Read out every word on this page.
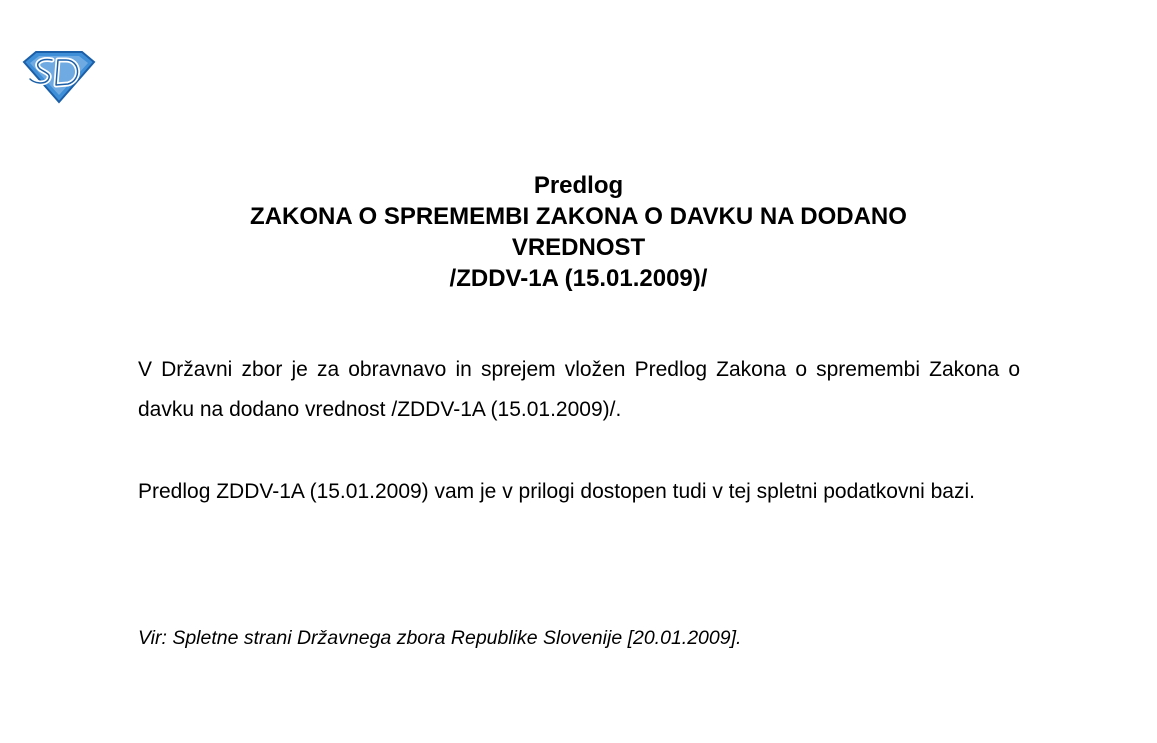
Predlog
ZAKONA O SPREMEMBI ZAKONA O DAVKU NA DODANO
VREDNOST
/ZDDV-1A (15.01.2009)/

V Državni zbor je za obravnavo in sprejem vložen Predlog Zakona o spremembi Zakona o davku na dodano vrednost /ZDDV-1A (15.01.2009)/.

Predlog ZDDV-1A (15.01.2009) vam je v prilogi dostopen tudi v tej spletni podatkovni bazi.

Vir: Spletne strani Državnega zbora Republike Slovenije [20.01.2009].
